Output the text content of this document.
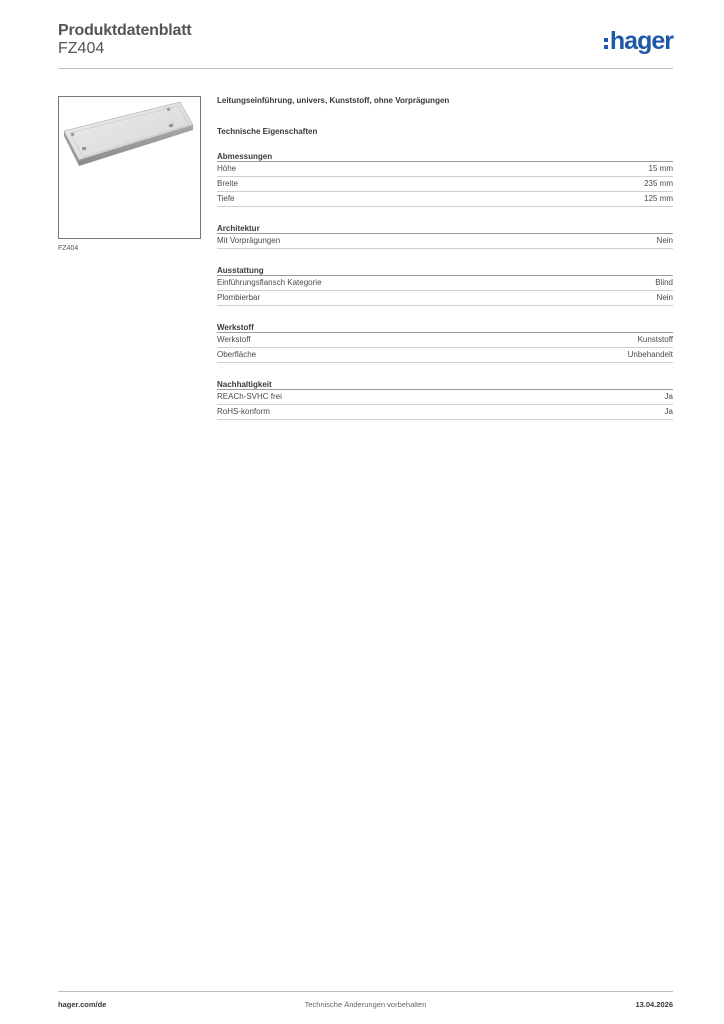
Produktdatenblatt
FZ404	hager
FZ404
Leitungseinführung, univers, Kunststoff, ohne Vorprägungen
Technische Eigenschaften
Abmessungen
Höhe	15 mm
Breite	235 mm
Tiefe	125 mm
Architektur
Mit Vorprägungen	Nein
Ausstattung
Einführungsflansch Kategorie	Blind
Plombierbar	Nein
Werkstoff
Werkstoff	Kunststoff
Oberfläche	Unbehandelt
Nachhaltigkeit
REACh-SVHC frei	Ja
RoHS-konform	Ja
hager.com/de	Technische Änderungen vorbehalten	13.04.2026
